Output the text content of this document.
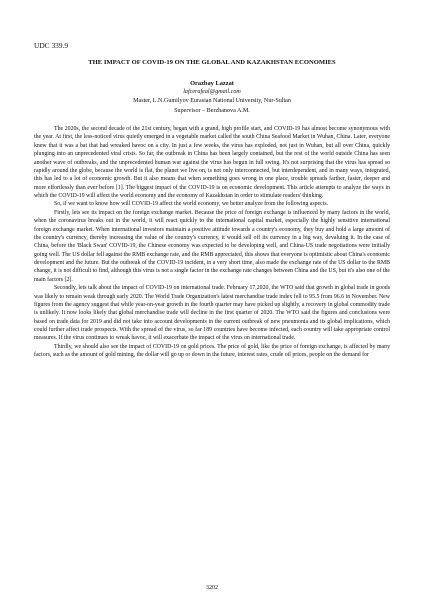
UDC 339.9
THE IMPACT OF COVID-19 ON THE GLOBAL AND KAZAKHSTAN ECONOMIES
Orazbay Lazzat
lafcerafeal@gmail.com
Master, L.N.Gumilyov Eurasian National University, Nur-Sultan
Supervisor – Berzhanova A.M.

The 2020s, the second decade of the 21st century, began with a grand, high profile start, and COVID-19 has almost become synonymous with the year. At first, the less-noticed virus quietly emerged in a vegetable market called the south China Seafood Market in Wuhan, China. Later, everyone knew that it was a bat that had wreaked havoc on a city. In just a few weeks, the virus has exploded, not just in Wuhan, but all over China, quickly plunging into an unprecedented viral crisis. So far, the outbreak in China has been largely contained, but the rest of the world outside China has seen another wave of outbreaks, and the unprecedented human war against the virus has begun in full swing. It's not surprising that the virus has spread so rapidly around the globe, because the world is flat, the planet we live on, is not only interconnected, but interdependent, and in many ways, integrated, this has led to a lot of economic growth. But it also means that when something goes wrong in one place, trouble spreads farther, faster, deeper and more effortlessly than ever before [1]. The biggest impact of the COVID-19 is on economic development. This article attempts to analyze the ways in which the COVID-19 will affect the world economy and the economy of Kazakhstan in order to stimulate readers' thinking.

So, if we want to know how will COVID-19 affect the world economy, we better analyze from the following aspects.

Firstly, lets see its impact on the foreign exchange market. Because the price of foreign exchange is influenced by many factors in the world, when the coronavirus breaks out in the world, it will react quickly to the international capital market, especially the highly sensitive international foreign exchange market. When international investors maintain a positive attitude towards a country's economy, they buy and hold a large amount of the country's currency, thereby increasing the value of the country's currency, it would sell off its currency in a big way, devaluing it. In the case of China, before the 'Black Swan' COVID-19, the Chinese economy was expected to be developing well, and China-US trade negotiations were initially going well. The US dollar fell against the RMB exchange rate, and the RMB appreciated, this shows that everyone is optimistic about China's economic development and the future. But the outbreak of the COVID-19 incident, in a very short time, also made the exchange rate of the US dollar to the RMB change, it is not difficult to find, although this virus is not a single factor in the exchange rate changes between China and the US, but it's also one of the main factors [2].

Secondly, lets talk about the impact of COVID-19 on international trade. February 17,2020, the WTO said that growth in global trade in goods was likely to remain weak through early 2020. The World Trade Organization's latest merchandise trade index fell to 95.5 from 96.6 in November. New figures from the agency suggest that while year-on-year growth in the fourth quarter may have picked up slightly, a recovery in global commodity trade is unlikely. It now looks likely that global merchandise trade will decline in the first quarter of 2020. The WTO said the figures and conclusions were based on trade data for 2019 and did not take into account developments in the current outbreak of new pneumonia and its global implications, which could further affect trade prospects. With the spread of the virus, so far 189 countries have become infected, each country will take appropriate control measures. If the virus continues to wreak havoc, it will exacerbate the impact of the virus on international trade.

Thirdly, we should also see the impact of COVID-19 on gold prices. The price of gold, like the price of foreign exchange, is affected by many factors, such as the amount of gold mining, the dollar will go up or down in the future, interest rates, crude oil prices, people on the demand for

3202
